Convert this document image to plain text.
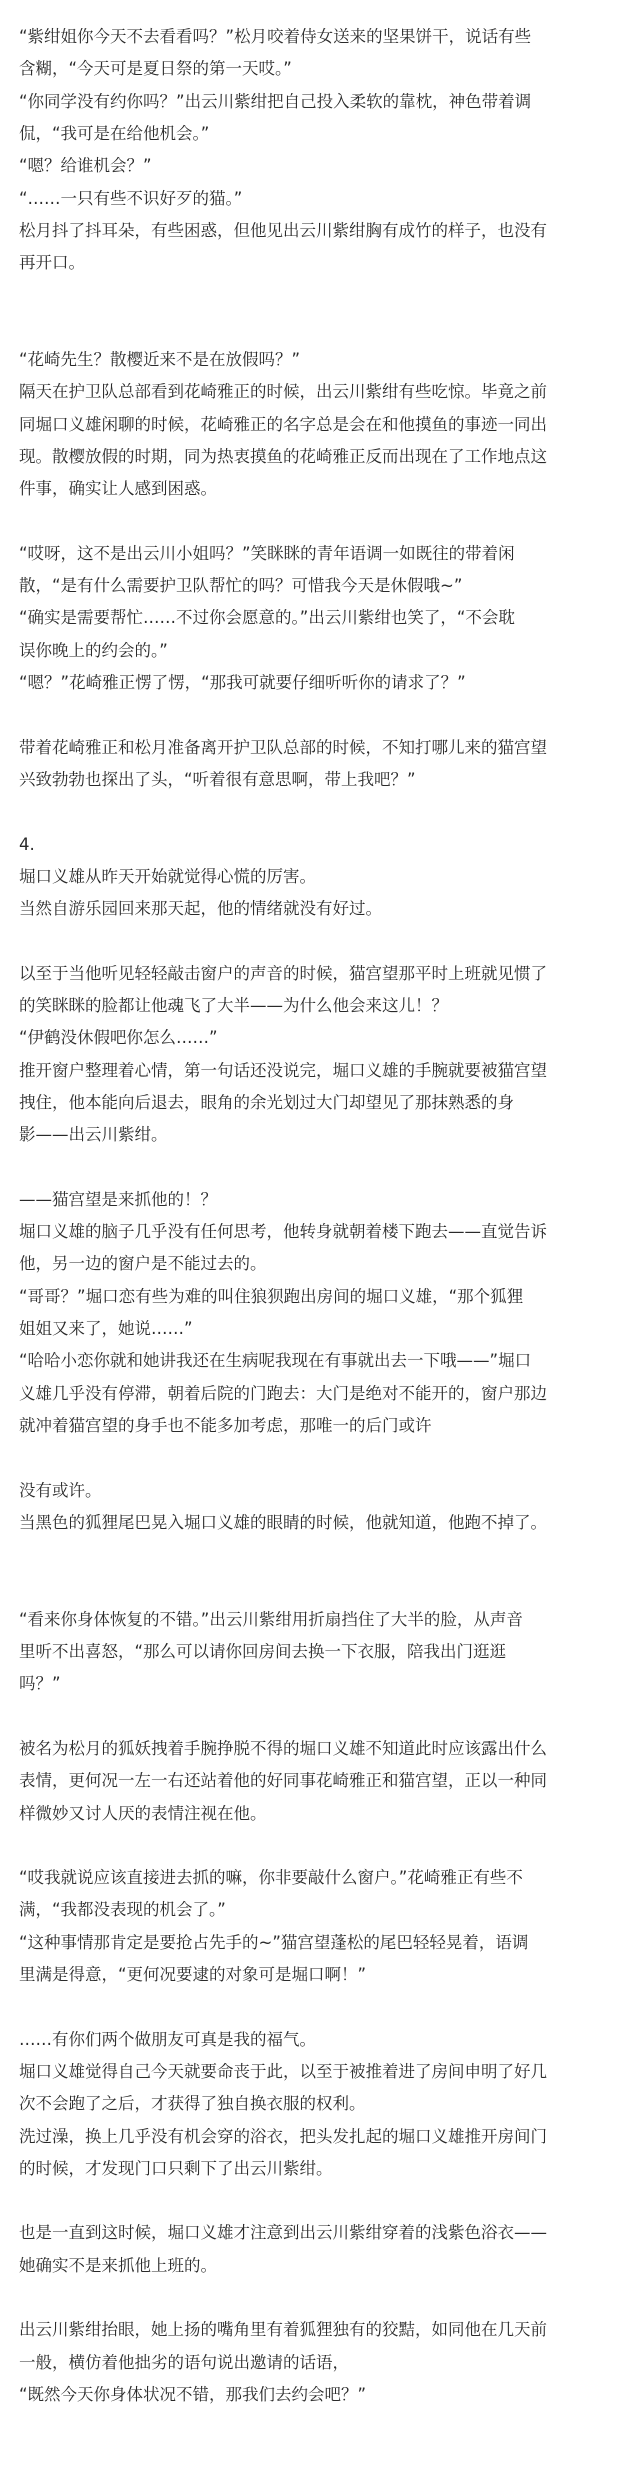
“紫绀姐你今天不去看看吗？”松月咬着侍女送来的坚果饼干，说话有些
含糊，“今天可是夏日祭的第一天哎。”
“你同学没有约你吗？”出云川紫绀把自己投入柔软的靠枕，神色带着调
侃，“我可是在给他机会。”
“嗯？给谁机会？”
“……一只有些不识好歹的猫。”
松月抖了抖耳朵，有些困惑，但他见出云川紫绀胸有成竹的样子，也没有
再开口。
“花崎先生？散樱近来不是在放假吗？”
隔天在护卫队总部看到花崎雅正的时候，出云川紫绀有些吃惊。毕竟之前
同堀口义雄闲聊的时候，花崎雅正的名字总是会在和他摸鱼的事迹一同出
现。散樱放假的时期，同为热衷摸鱼的花崎雅正反而出现在了工作地点这
件事，确实让人感到困惑。
“哎呀，这不是出云川小姐吗？”笑眯眯的青年语调一如既往的带着闲
散，“是有什么需要护卫队帮忙的吗？可惜我今天是休假哦~”
“确实是需要帮忙……不过你会愿意的。”出云川紫绀也笑了，“不会耽
误你晚上的约会的。”
“嗯？”花崎雅正愣了愣，“那我可就要仔细听听你的请求了？”
带着花崎雅正和松月准备离开护卫队总部的时候，不知打哪儿来的猫宫望
兴致勃勃也探出了头，“听着很有意思啊，带上我吧？”
4.
堀口义雄从昨天开始就觉得心慌的厉害。
当然自游乐园回来那天起，他的情绪就没有好过。
以至于当他听见轻轻敲击窗户的声音的时候，猫宫望那平时上班就见惯了
的笑眯眯的脸都让他魂飞了大半——为什么他会来这儿！？
“伊鹤没休假吧你怎么……”
推开窗户整理着心情，第一句话还没说完，堀口义雄的手腕就要被猫宫望
拽住，他本能向后退去，眼角的余光划过大门却望见了那抹熟悉的身
影——出云川紫绀。
——猫宫望是来抓他的！？
堀口义雄的脑子几乎没有任何思考，他转身就朝着楼下跑去——直觉告诉
他，另一边的窗户是不能过去的。
“哥哥？”堀口恋有些为难的叫住狼狈跑出房间的堀口义雄，“那个狐狸
姐姐又来了，她说……”
“哈哈小恋你就和她讲我还在生病呢我现在有事就出去一下哦——”堀口
义雄几乎没有停滞，朝着后院的门跑去：大门是绝对不能开的，窗户那边
就冲着猫宫望的身手也不能多加考虑，那唯一的后门或许
没有或许。
当黑色的狐狸尾巴晃入堀口义雄的眼睛的时候，他就知道，他跑不掉了。
“看来你身体恢复的不错。”出云川紫绀用折扇挡住了大半的脸，从声音
里听不出喜怒，“那么可以请你回房间去换一下衣服，陪我出门逛逛
吗？”
被名为松月的狐妖拽着手腕挣脱不得的堀口义雄不知道此时应该露出什么
表情，更何况一左一右还站着他的好同事花崎雅正和猫宫望，正以一种同
样微妙又讨人厌的表情注视在他。
“哎我就说应该直接进去抓的嘛，你非要敲什么窗户。”花崎雅正有些不
满，“我都没表现的机会了。”
“这种事情那肯定是要抢占先手的~”猫宫望蓬松的尾巴轻轻晃着，语调
里满是得意，“更何况要逮的对象可是堀口啊！”
……有你们两个做朋友可真是我的福气。
堀口义雄觉得自己今天就要命丧于此，以至于被推着进了房间申明了好几
次不会跑了之后，才获得了独自换衣服的权利。
洗过澡，换上几乎没有机会穿的浴衣，把头发扎起的堀口义雄推开房间门
的时候，才发现门口只剩下了出云川紫绀。
也是一直到这时候，堀口义雄才注意到出云川紫绀穿着的浅紫色浴衣——
她确实不是来抓他上班的。
出云川紫绀抬眼，她上扬的嘴角里有着狐狸独有的狡黠，如同他在几天前
一般，横仿着他拙劣的语句说出邀请的话语，
“既然今天你身体状况不错，那我们去约会吧？”
